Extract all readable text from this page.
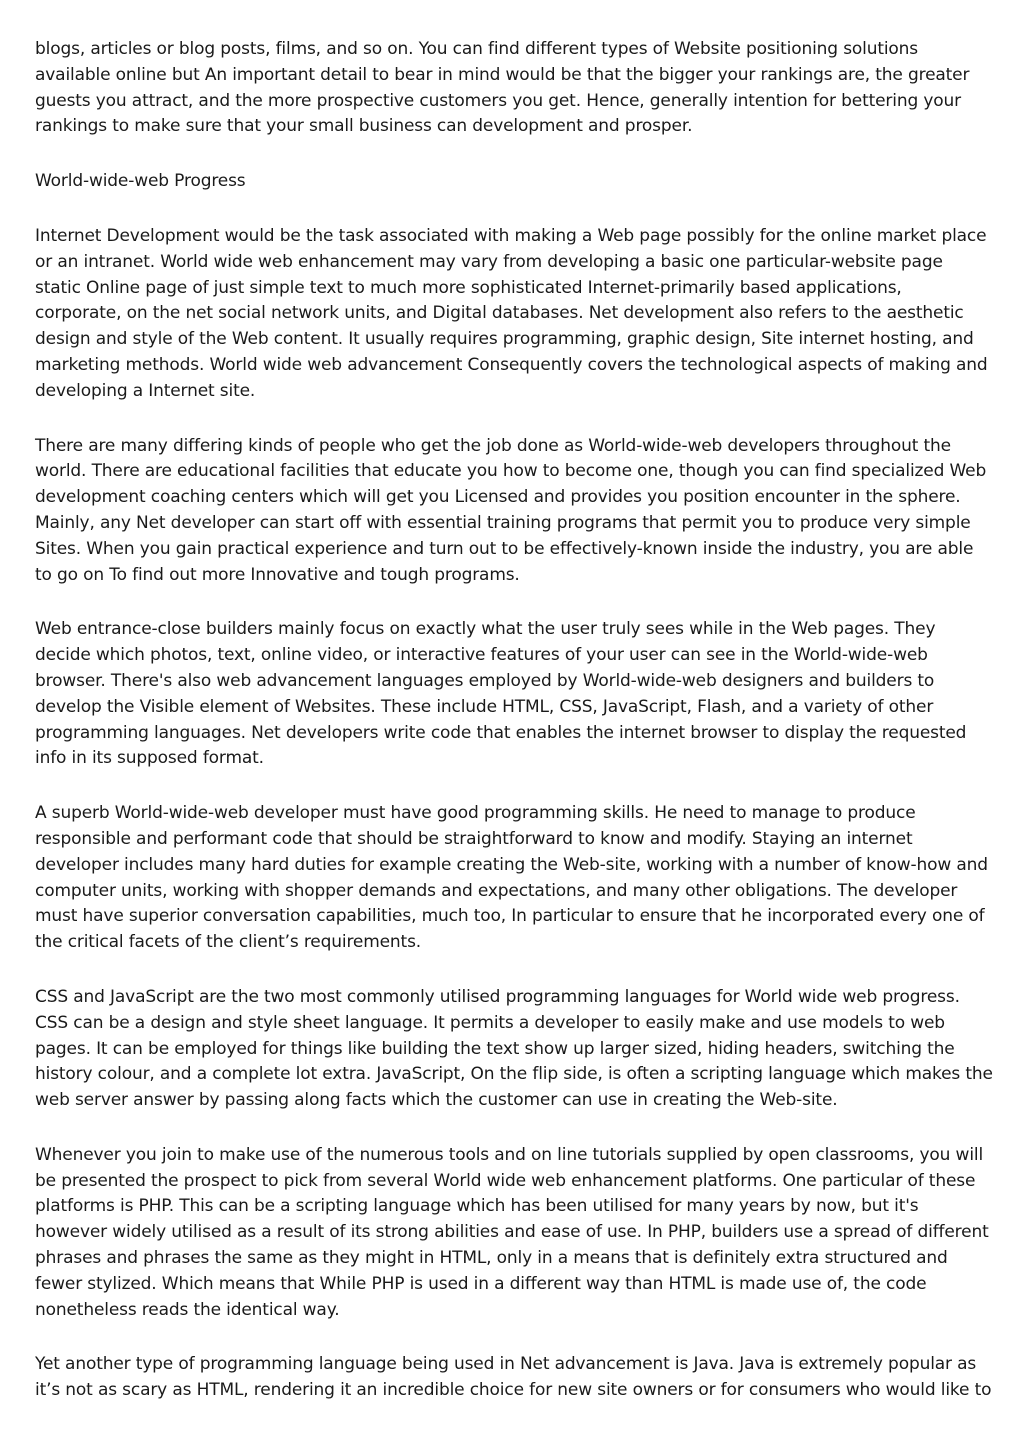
blogs, articles or blog posts, films, and so on. You can find different types of Website positioning solutions available online but An important detail to bear in mind would be that the bigger your rankings are, the greater guests you attract, and the more prospective customers you get. Hence, generally intention for bettering your rankings to make sure that your small business can development and prosper.

World-wide-web Progress

Internet Development would be the task associated with making a Web page possibly for the online market place or an intranet. World wide web enhancement may vary from developing a basic one particular-website page static Online page of just simple text to much more sophisticated Internet-primarily based applications, corporate, on the net social network units, and Digital databases. Net development also refers to the aesthetic design and style of the Web content. It usually requires programming, graphic design, Site internet hosting, and marketing methods. World wide web advancement Consequently covers the technological aspects of making and developing a Internet site.

There are many differing kinds of people who get the job done as World-wide-web developers throughout the world. There are educational facilities that educate you how to become one, though you can find specialized Web development coaching centers which will get you Licensed and provides you position encounter in the sphere. Mainly, any Net developer can start off with essential training programs that permit you to produce very simple Sites. When you gain practical experience and turn out to be effectively-known inside the industry, you are able to go on To find out more Innovative and tough programs.

Web entrance-close builders mainly focus on exactly what the user truly sees while in the Web pages. They decide which photos, text, online video, or interactive features of your user can see in the World-wide-web browser. There's also web advancement languages employed by World-wide-web designers and builders to develop the Visible element of Websites. These include HTML, CSS, JavaScript, Flash, and a variety of other programming languages. Net developers write code that enables the internet browser to display the requested info in its supposed format.

A superb World-wide-web developer must have good programming skills. He need to manage to produce responsible and performant code that should be straightforward to know and modify. Staying an internet developer includes many hard duties for example creating the Web-site, working with a number of know-how and computer units, working with shopper demands and expectations, and many other obligations. The developer must have superior conversation capabilities, much too, In particular to ensure that he incorporated every one of the critical facets of the client’s requirements.

CSS and JavaScript are the two most commonly utilised programming languages for World wide web progress. CSS can be a design and style sheet language. It permits a developer to easily make and use models to web pages. It can be employed for things like building the text show up larger sized, hiding headers, switching the history colour, and a complete lot extra. JavaScript, On the flip side, is often a scripting language which makes the web server answer by passing along facts which the customer can use in creating the Web-site.

Whenever you join to make use of the numerous tools and on line tutorials supplied by open classrooms, you will be presented the prospect to pick from several World wide web enhancement platforms. One particular of these platforms is PHP. This can be a scripting language which has been utilised for many years by now, but it's however widely utilised as a result of its strong abilities and ease of use. In PHP, builders use a spread of different phrases and phrases the same as they might in HTML, only in a means that is definitely extra structured and fewer stylized. Which means that While PHP is used in a different way than HTML is made use of, the code nonetheless reads the identical way.

Yet another type of programming language being used in Net advancement is Java. Java is extremely popular as it’s not as scary as HTML, rendering it an incredible choice for new site owners or for consumers who would like to
